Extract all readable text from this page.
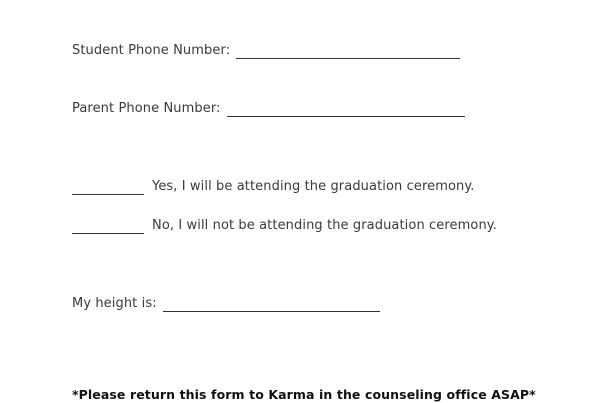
Student Phone Number:
Parent Phone Number:
Yes, I will be attending the graduation ceremony.
No, I will not be attending the graduation ceremony.
My height is:
*Please return this form to Karma in the counseling office ASAP*
